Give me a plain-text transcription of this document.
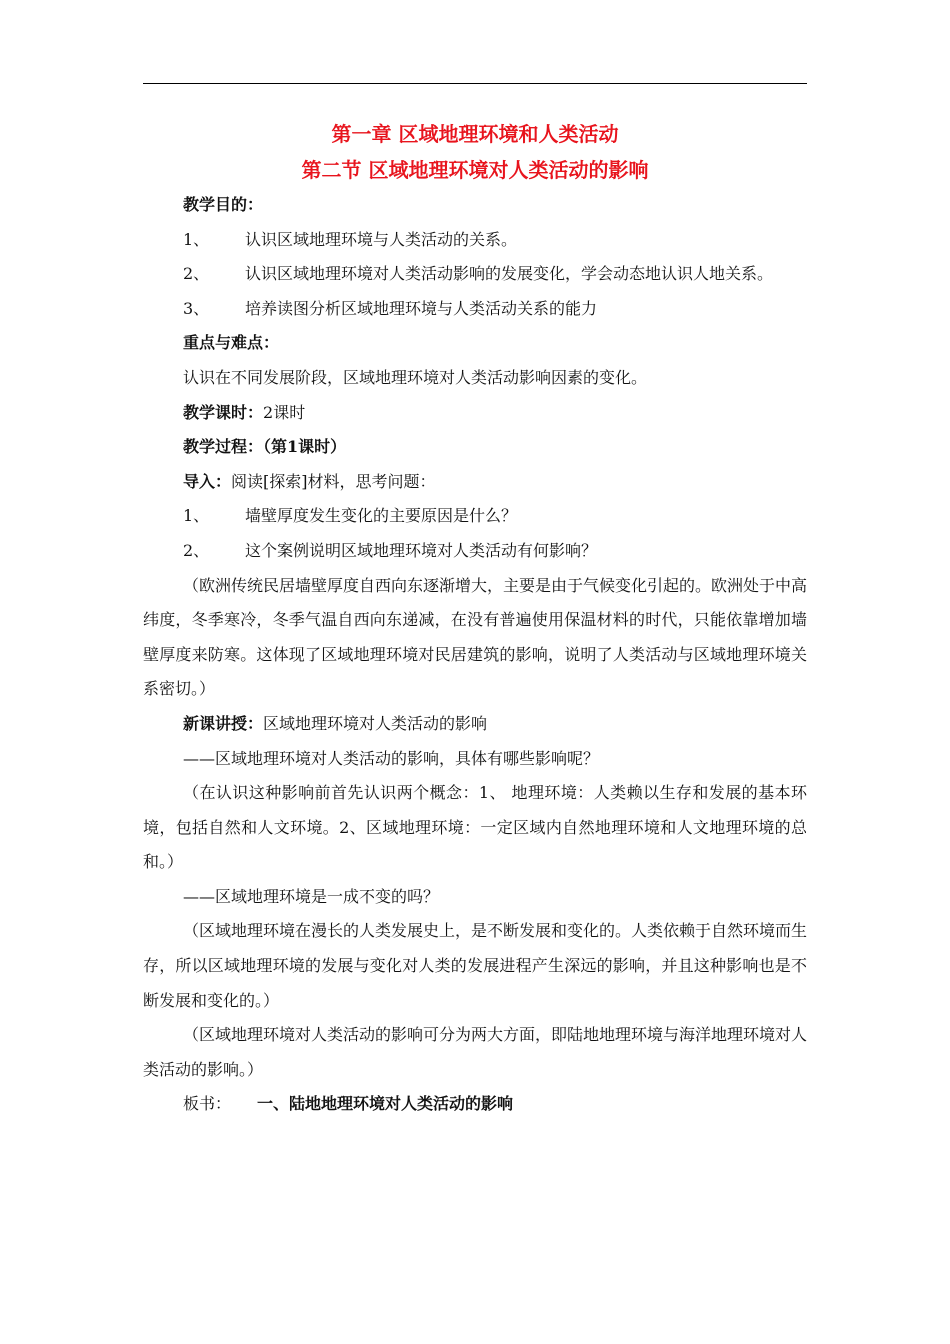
第一章 区域地理环境和人类活动

第二节 区域地理环境对人类活动的影响

教学目的：

1、 认识区域地理环境与人类活动的关系。

2、 认识区域地理环境对人类活动影响的发展变化，学会动态地认识人地关系。

3、 培养读图分析区域地理环境与人类活动关系的能力

重点与难点：

认识在不同发展阶段，区域地理环境对人类活动影响因素的变化。

教学课时：2课时

教学过程：（第1课时）

导入：阅读[探索]材料，思考问题：

1、 墙壁厚度发生变化的主要原因是什么？

2、 这个案例说明区域地理环境对人类活动有何影响？

（欧洲传统民居墙壁厚度自西向东逐渐增大，主要是由于气候变化引起的。欧洲处于中高纬度，冬季寒冷，冬季气温自西向东递减，在没有普遍使用保温材料的时代，只能依靠增加墙壁厚度来防寒。这体现了区域地理环境对民居建筑的影响，说明了人类活动与区域地理环境关系密切。）

新课讲授：区域地理环境对人类活动的影响

——区域地理环境对人类活动的影响，具体有哪些影响呢？

（在认识这种影响前首先认识两个概念：1、 地理环境：人类赖以生存和发展的基本环境，包括自然和人文环境。2、区域地理环境：一定区域内自然地理环境和人文地理环境的总和。）

——区域地理环境是一成不变的吗？

（区域地理环境在漫长的人类发展史上，是不断发展和变化的。人类依赖于自然环境而生存，所以区域地理环境的发展与变化对人类的发展进程产生深远的影响，并且这种影响也是不断发展和变化的。）

（区域地理环境对人类活动的影响可分为两大方面，即陆地地理环境与海洋地理环境对人类活动的影响。）

板书： 一、陆地地理环境对人类活动的影响
